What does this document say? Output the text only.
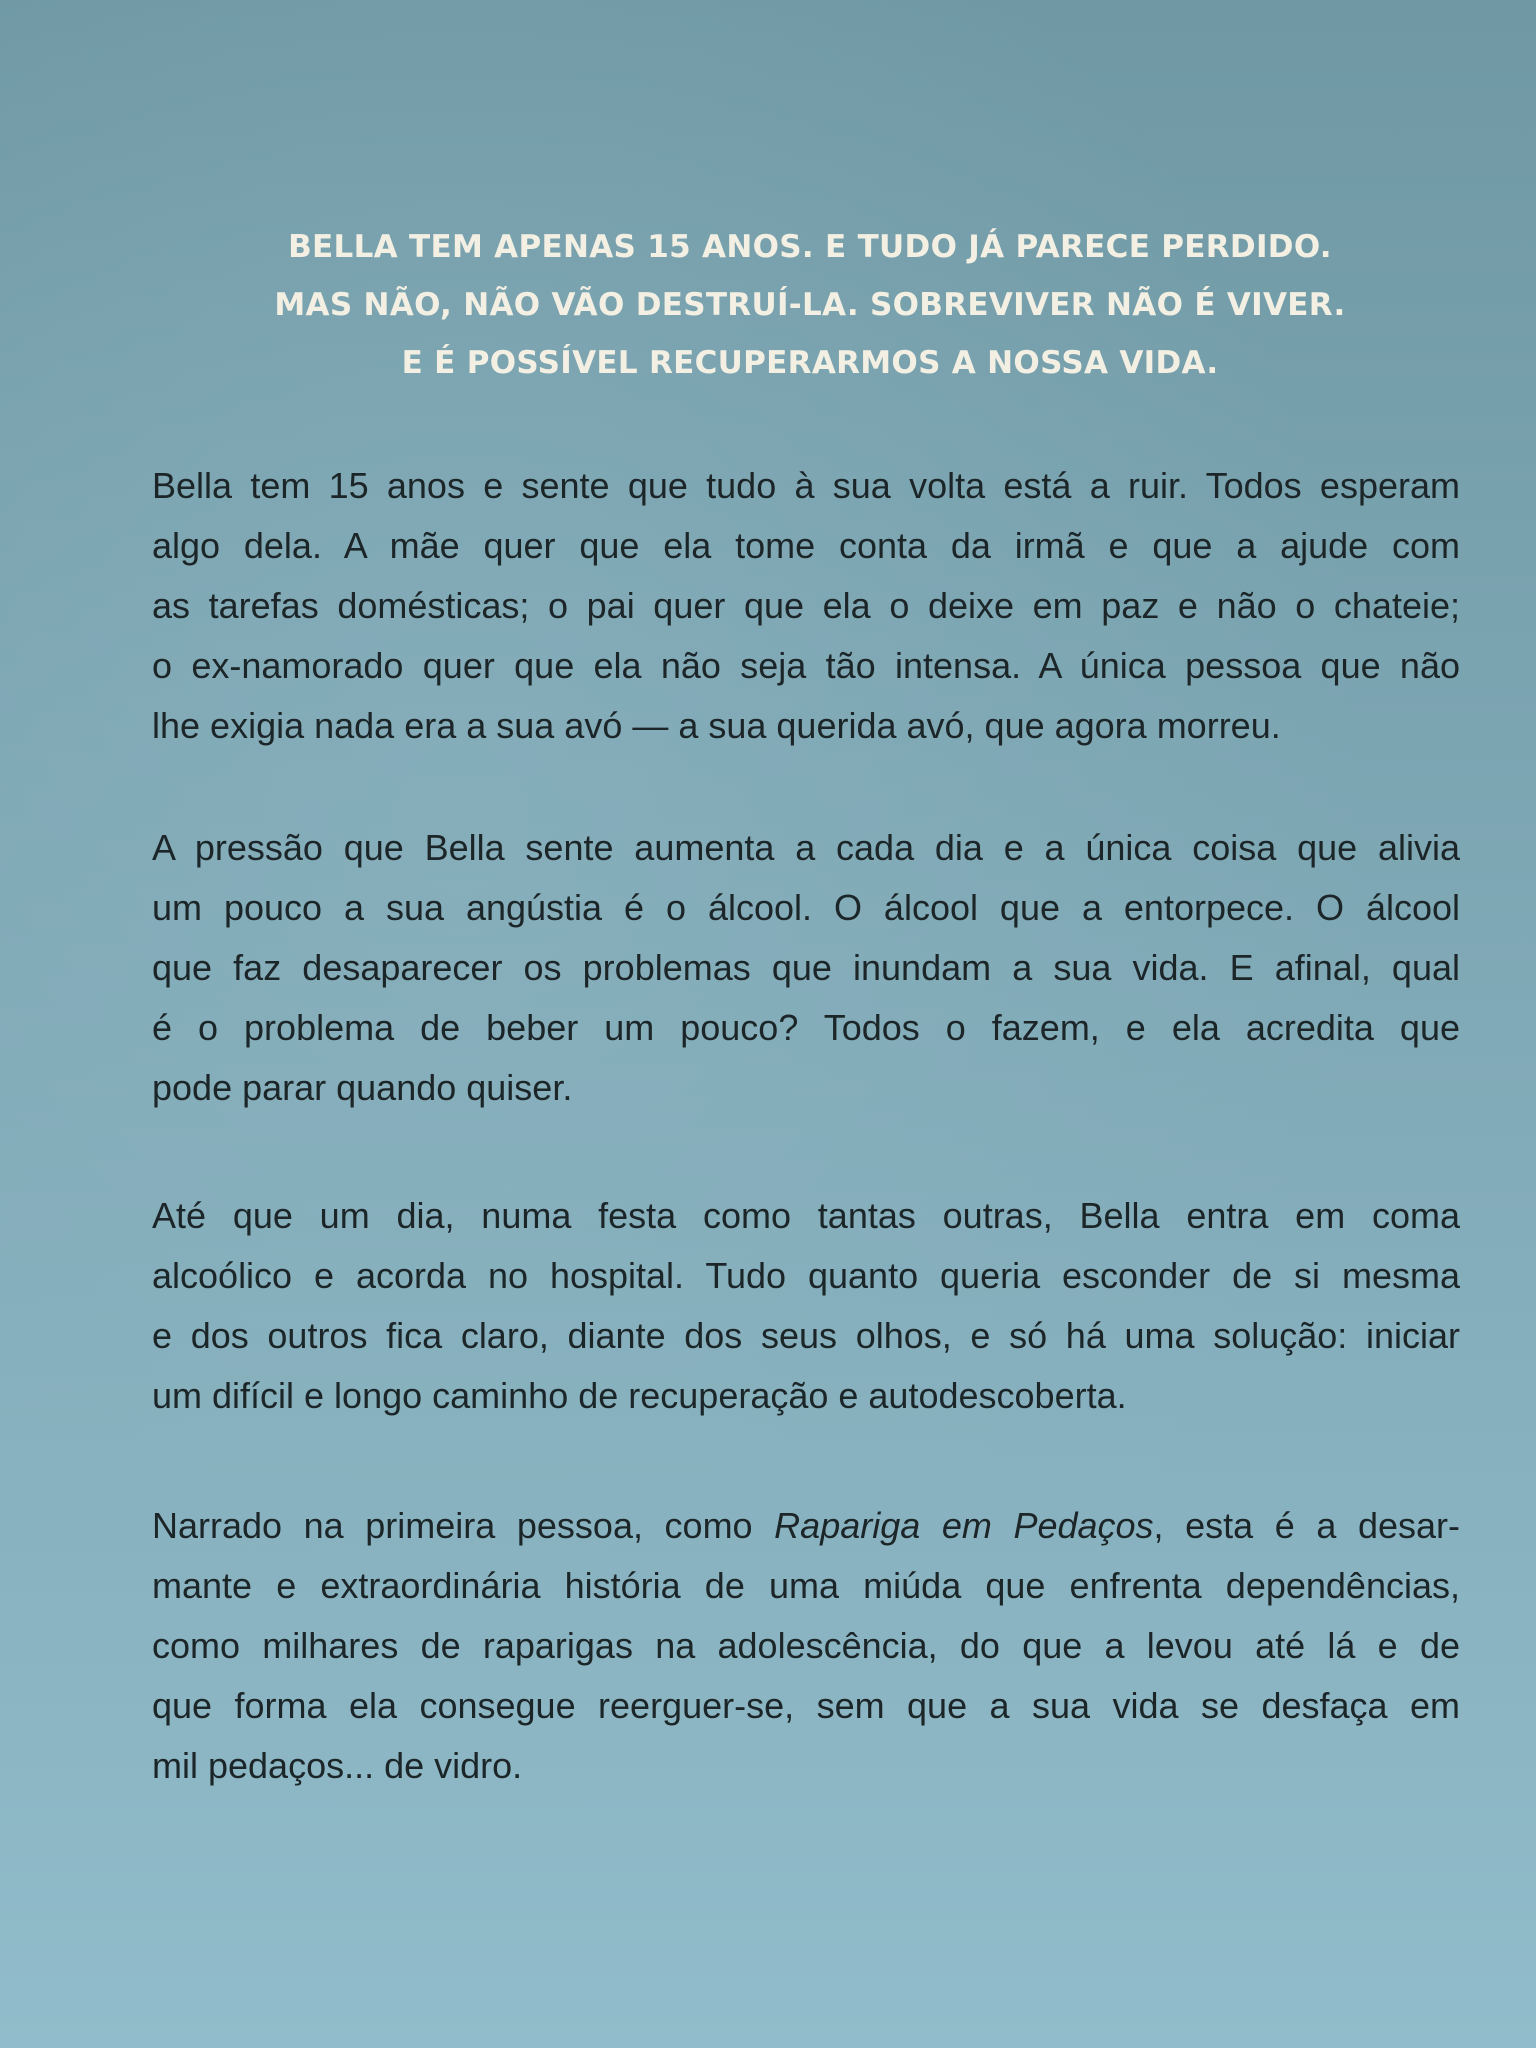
BELLA TEM APENAS 15 ANOS. E TUDO JÁ PARECE PERDIDO.
MAS NÃO, NÃO VÃO DESTRUÍ-LA. SOBREVIVER NÃO É VIVER.
E É POSSÍVEL RECUPERARMOS A NOSSA VIDA.
Bella tem 15 anos e sente que tudo à sua volta está a ruir. Todos esperam
algo dela. A mãe quer que ela tome conta da irmã e que a ajude com
as tarefas domésticas; o pai quer que ela o deixe em paz e não o chateie;
o ex-namorado quer que ela não seja tão intensa. A única pessoa que não
lhe exigia nada era a sua avó — a sua querida avó, que agora morreu.
A pressão que Bella sente aumenta a cada dia e a única coisa que alivia
um pouco a sua angústia é o álcool. O álcool que a entorpece. O álcool
que faz desaparecer os problemas que inundam a sua vida. E afinal, qual
é o problema de beber um pouco? Todos o fazem, e ela acredita que
pode parar quando quiser.
Até que um dia, numa festa como tantas outras, Bella entra em coma
alcoólico e acorda no hospital. Tudo quanto queria esconder de si mesma
e dos outros fica claro, diante dos seus olhos, e só há uma solução: iniciar
um difícil e longo caminho de recuperação e autodescoberta.
Narrado na primeira pessoa, como Rapariga em Pedaços, esta é a desar-
mante e extraordinária história de uma miúda que enfrenta dependências,
como milhares de raparigas na adolescência, do que a levou até lá e de
que forma ela consegue reerguer-se, sem que a sua vida se desfaça em
mil pedaços... de vidro.
